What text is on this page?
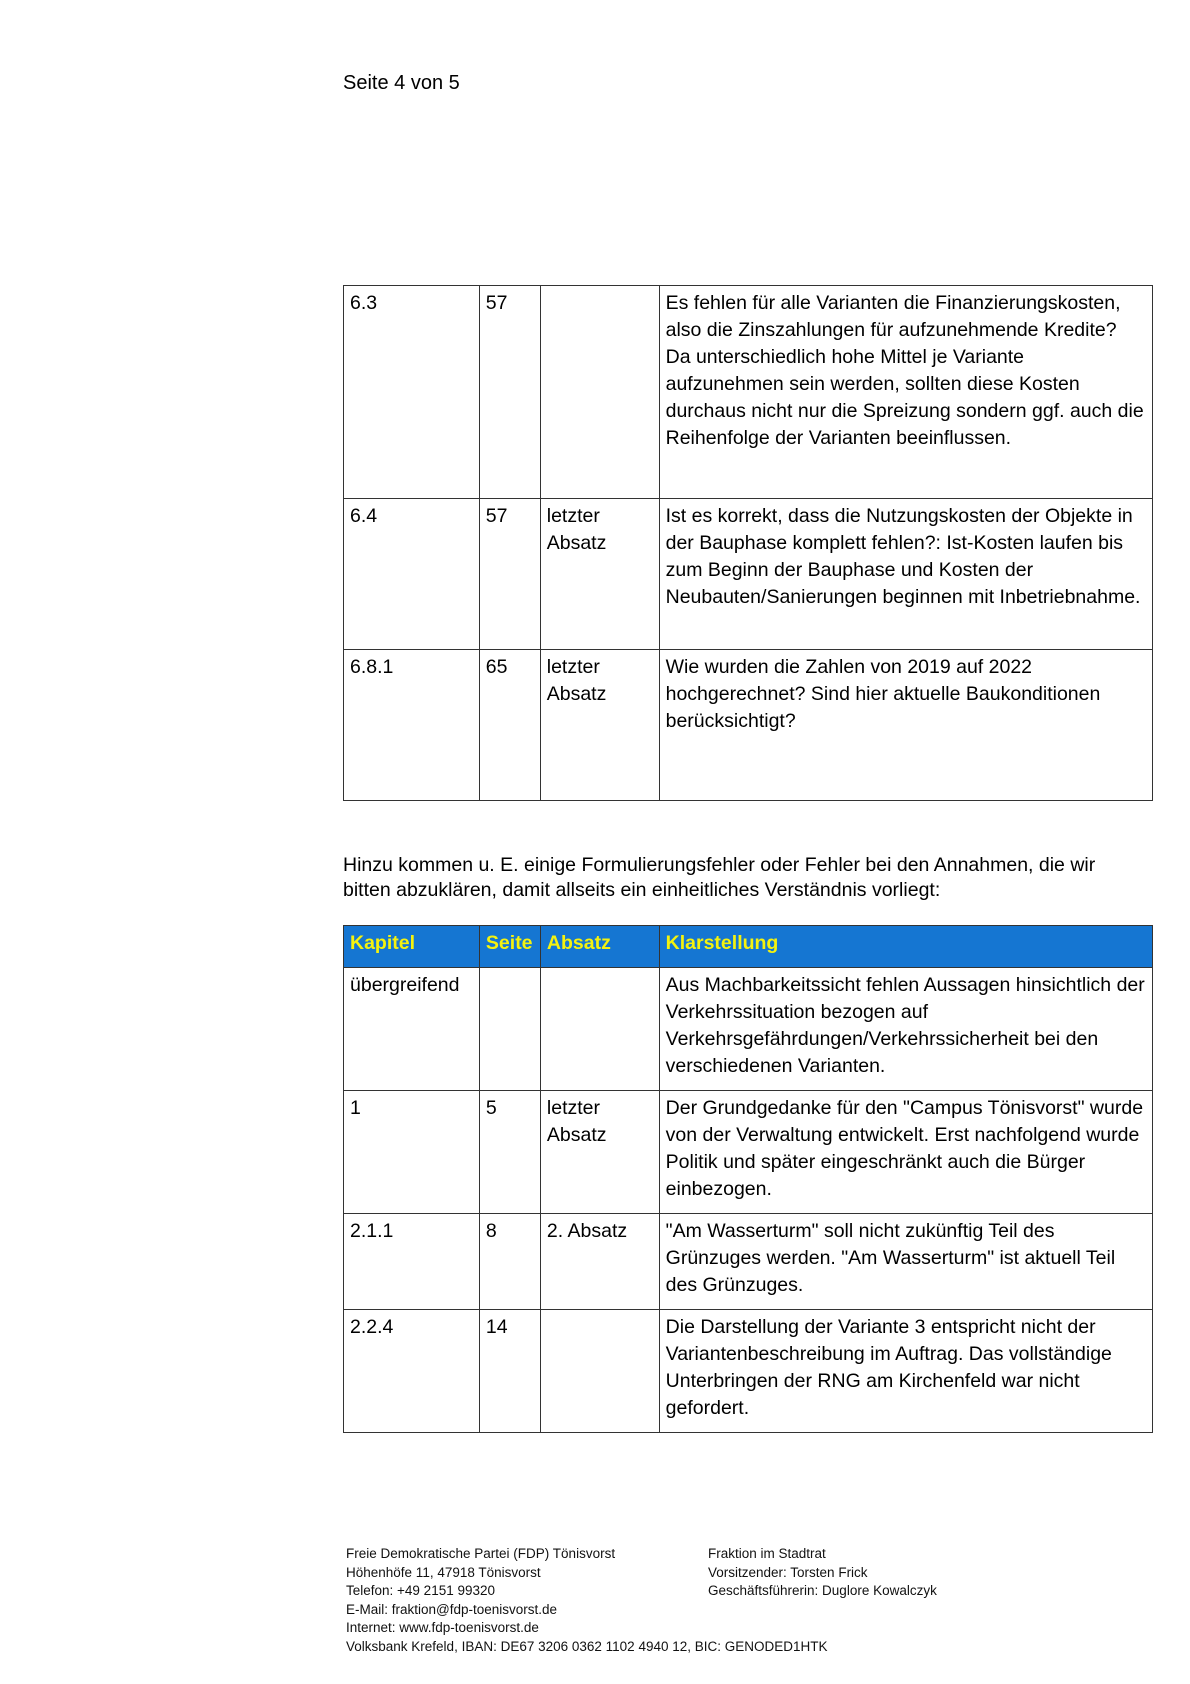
Seite 4 von 5
6.3	57		Es fehlen für alle Varianten die Finanzierungskosten, also die Zinszahlungen für aufzunehmende Kredite? Da unterschiedlich hohe Mittel je Variante aufzunehmen sein werden, sollten diese Kosten durchaus nicht nur die Spreizung sondern ggf. auch die Reihenfolge der Varianten beeinflussen.
6.4	57	letzter Absatz	Ist es korrekt, dass die Nutzungskosten der Objekte in der Bauphase komplett fehlen?: Ist-Kosten laufen bis zum Beginn der Bauphase und Kosten der Neubauten/Sanierungen beginnen mit Inbetriebnahme.
6.8.1	65	letzter Absatz	Wie wurden die Zahlen von 2019 auf 2022 hochgerechnet? Sind hier aktuelle Baukonditionen berücksichtigt?
Hinzu kommen u. E. einige Formulierungsfehler oder Fehler bei den Annahmen, die wir bitten abzuklären, damit allseits ein einheitliches Verständnis vorliegt:
Kapitel	Seite	Absatz	Klarstellung
übergreifend			Aus Machbarkeitssicht fehlen Aussagen hinsichtlich der Verkehrssituation bezogen auf Verkehrsgefährdungen/Verkehrssicherheit bei den verschiedenen Varianten.
1	5	letzter Absatz	Der Grundgedanke für den "Campus Tönisvorst" wurde von der Verwaltung entwickelt. Erst nachfolgend wurde Politik und später eingeschränkt auch die Bürger einbezogen.
2.1.1	8	2. Absatz	"Am Wasserturm" soll nicht zukünftig Teil des Grünzuges werden. "Am Wasserturm" ist aktuell Teil des Grünzuges.
2.2.4	14		Die Darstellung der Variante 3 entspricht nicht der Variantenbeschreibung im Auftrag. Das vollständige Unterbringen der RNG am Kirchenfeld war nicht gefordert.
Freie Demokratische Partei (FDP) Tönisvorst
Höhenhöfe 11, 47918 Tönisvorst
Telefon: +49 2151 99320
E-Mail: fraktion@fdp-toenisvorst.de
Internet: www.fdp-toenisvorst.de
Volksbank Krefeld, IBAN: DE67 3206 0362 1102 4940 12, BIC: GENODED1HTK
Fraktion im Stadtrat
Vorsitzender: Torsten Frick
Geschäftsführerin: Duglore Kowalczyk
